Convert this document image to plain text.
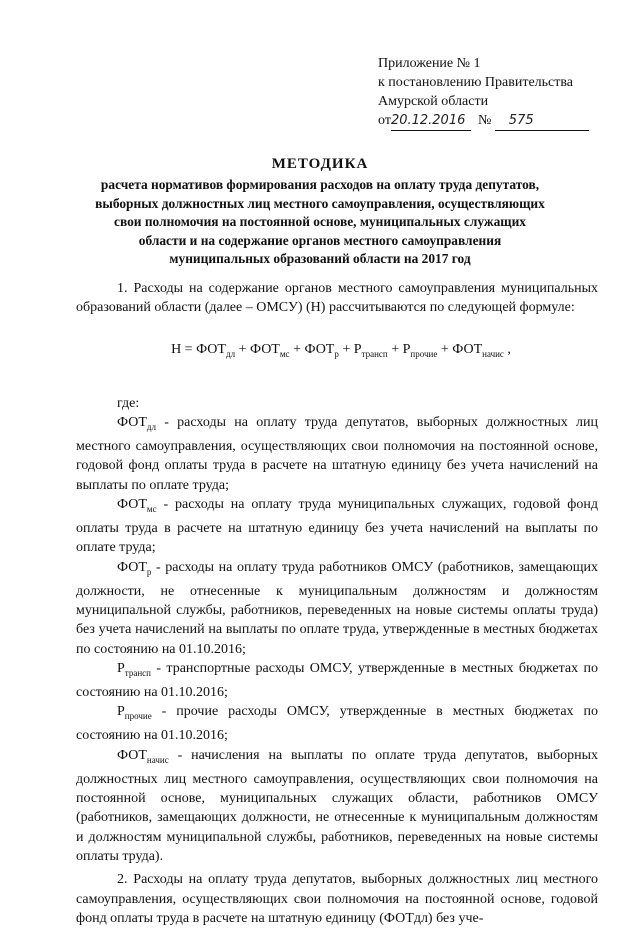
Приложение № 1
к постановлению Правительства
Амурской области
от20.12.2016 № 575
МЕТОДИКА
расчета нормативов формирования расходов на оплату труда депутатов,
выборных должностных лиц местного самоуправления, осуществляющих
свои полномочия на постоянной основе, муниципальных служащих
области и на содержание органов местного самоуправления
муниципальных образований области на 2017 год

1. Расходы на содержание органов местного самоуправления муниципальных образований области (далее – ОМСУ) (Н) рассчитываются по следующей формуле:

$Н = ФОТ_{дл} + ФОТ_{мс} + ФОТ_р + Р_{трансп} + Р_{прочие} + ФОТ_{начис}$ ,

где:

$ФОТ_{дл}$ - расходы на оплату труда депутатов, выборных должностных лиц местного самоуправления, осуществляющих свои полномочия на постоянной основе, годовой фонд оплаты труда в расчете на штатную единицу без учета начислений на выплаты по оплате труда;

$ФОТ_{мс}$ - расходы на оплату труда муниципальных служащих, годовой фонд оплаты труда в расчете на штатную единицу без учета начислений на выплаты по оплате труда;

$ФОТ_р$ - расходы на оплату труда работников ОМСУ (работников, замещающих должности, не отнесенные к муниципальным должностям и должностям муниципальной службы, работников, переведенных на новые системы оплаты труда) без учета начислений на выплаты по оплате труда, утвержденные в местных бюджетах по состоянию на 01.10.2016;

$Р_{трансп}$ - транспортные расходы ОМСУ, утвержденные в местных бюджетах по состоянию на 01.10.2016;

$Р_{прочие}$ - прочие расходы ОМСУ, утвержденные в местных бюджетах по состоянию на 01.10.2016;

$ФОТ_{начис}$ - начисления на выплаты по оплате труда депутатов, выборных должностных лиц местного самоуправления, осуществляющих свои полномочия на постоянной основе, муниципальных служащих области, работников ОМСУ (работников, замещающих должности, не отнесенные к муниципальным должностям и должностям муниципальной службы, работников, переведенных на новые системы оплаты труда).

2. Расходы на оплату труда депутатов, выборных должностных лиц местного самоуправления, осуществляющих свои полномочия на постоянной основе, годовой фонд оплаты труда в расчете на штатную единицу (ФОТдл) без уче-
